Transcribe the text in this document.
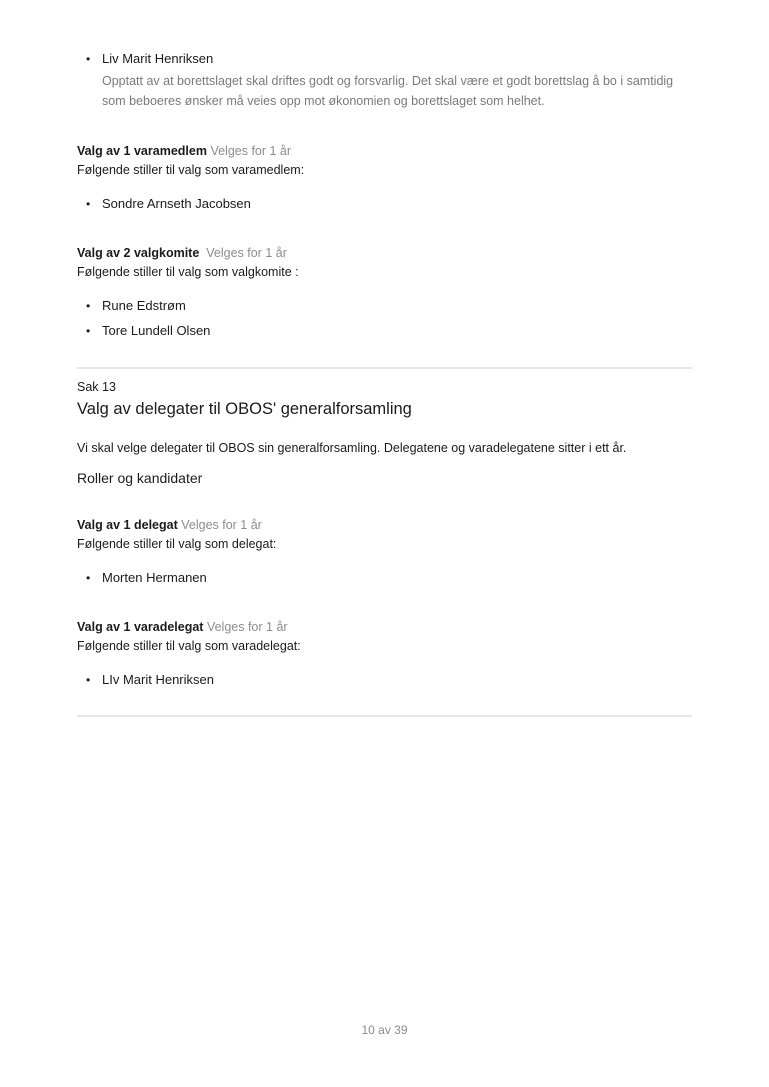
• Liv Marit Henriksen
Opptatt av at borettslaget skal driftes godt og forsvarlig. Det skal være et godt borettslag å bo i samtidig som beboeres ønsker må veies opp mot økonomien og borettslaget som helhet.
Valg av 1 varamedlem Velges for 1 år
Følgende stiller til valg som varamedlem:
• Sondre Arnseth Jacobsen
Valg av 2 valgkomite Velges for 1 år
Følgende stiller til valg som valgkomite :
• Rune Edstrøm
• Tore Lundell Olsen
Sak 13
Valg av delegater til OBOS' generalforsamling
Vi skal velge delegater til OBOS sin generalforsamling. Delegatene og varadelegatene sitter i ett år.
Roller og kandidater
Valg av 1 delegat Velges for 1 år
Følgende stiller til valg som delegat:
• Morten Hermanen
Valg av 1 varadelegat Velges for 1 år
Følgende stiller til valg som varadelegat:
• LIv Marit Henriksen
10 av 39
